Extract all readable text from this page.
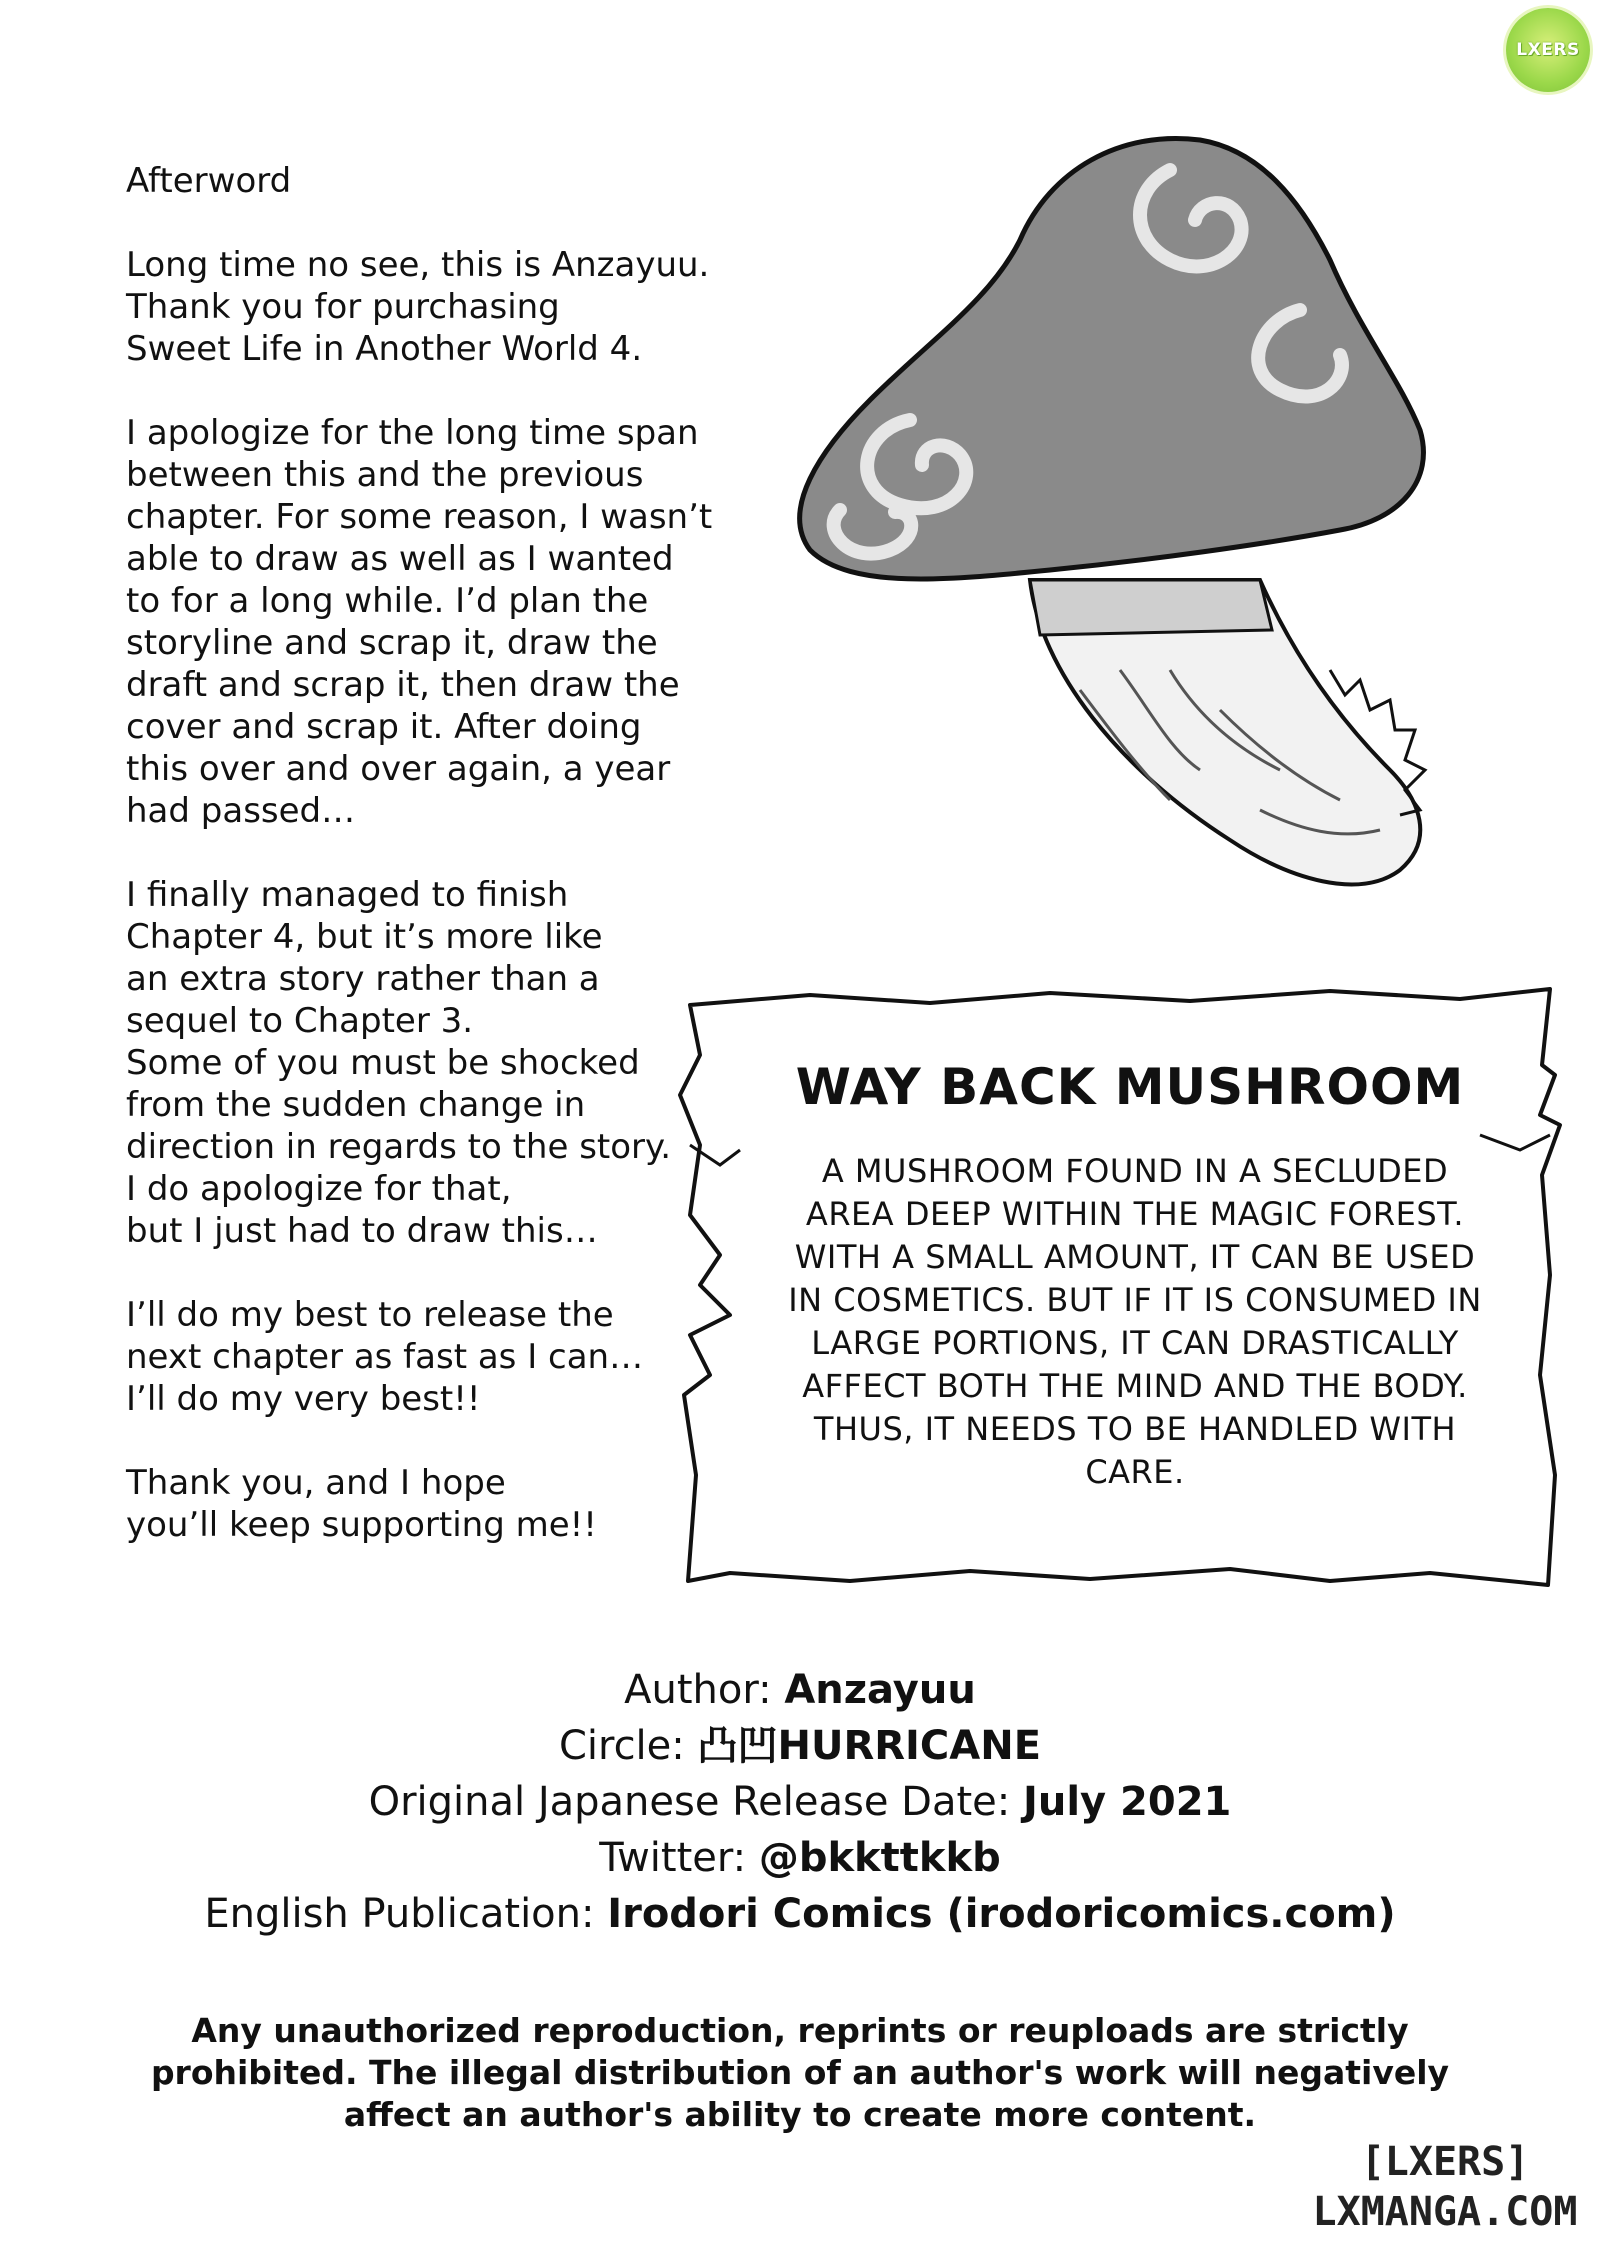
LXERS

Afterword

Long time no see, this is Anzayuu.
Thank you for purchasing
Sweet Life in Another World 4.

I apologize for the long time span
between this and the previous
chapter. For some reason, I wasn’t
able to draw as well as I wanted
to for a long while. I’d plan the
storyline and scrap it, draw the
draft and scrap it, then draw the
cover and scrap it. After doing
this over and over again, a year
had passed…

I finally managed to finish
Chapter 4, but it’s more like
an extra story rather than a
sequel to Chapter 3.
Some of you must be shocked
from the sudden change in
direction in regards to the story.
I do apologize for that,
but I just had to draw this…

I’ll do my best to release the
next chapter as fast as I can…
I’ll do my very best!!

Thank you, and I hope
you’ll keep supporting me!!

WAY BACK MUSHROOM
A MUSHROOM FOUND IN A SECLUDED
AREA DEEP WITHIN THE MAGIC FOREST.
WITH A SMALL AMOUNT, IT CAN BE USED
IN COSMETICS. BUT IF IT IS CONSUMED IN
LARGE PORTIONS, IT CAN DRASTICALLY
AFFECT BOTH THE MIND AND THE BODY.
THUS, IT NEEDS TO BE HANDLED WITH
CARE.
Author: Anzayuu
Circle: 凸凹HURRICANE
Original Japanese Release Date: July 2021
Twitter: @bkkttkkb
English Publication: Irodori Comics (irodoricomics.com)
Any unauthorized reproduction, reprints or reuploads are strictly
prohibited. The illegal distribution of an author's work will negatively
affect an author's ability to create more content.
[LXERS]
LXMANGA.COM
